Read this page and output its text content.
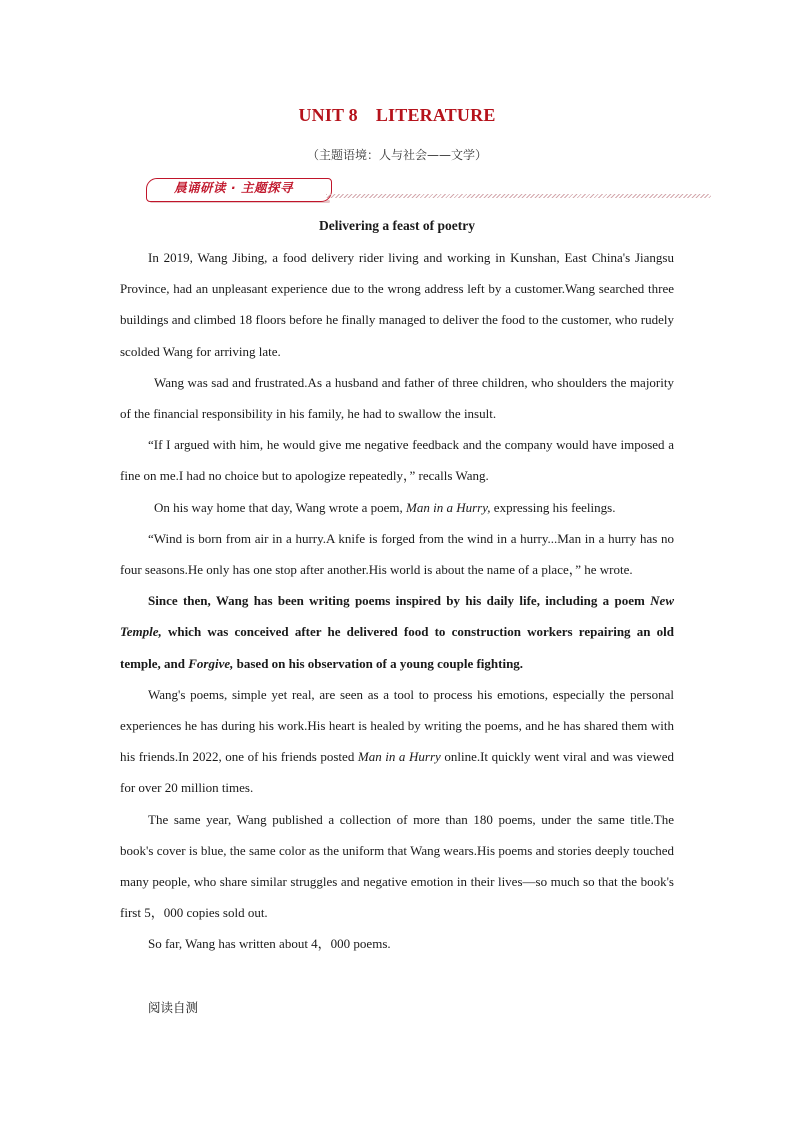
UNIT 8 LITERATURE
（主题语境：人与社会——文学）
晨诵研读 · 主题探寻
Delivering a feast of poetry

In 2019, Wang Jibing, a food delivery rider living and working in Kunshan, East China's Jiangsu Province, had an unpleasant experience due to the wrong address left by a customer.Wang searched three buildings and climbed 18 floors before he finally managed to deliver the food to the customer, who rudely scolded Wang for arriving late.

Wang was sad and frustrated.As a husband and father of three children, who shoulders the majority of the financial responsibility in his family, he had to swallow the insult.

“If I argued with him, he would give me negative feedback and the company would have imposed a fine on me.I had no choice but to apologize repeatedly，” recalls Wang.

On his way home that day, Wang wrote a poem, Man in a Hurry, expressing his feelings.

“Wind is born from air in a hurry.A knife is forged from the wind in a hurry...Man in a hurry has no four seasons.He only has one stop after another.His world is about the name of a place，” he wrote.

Since then, Wang has been writing poems inspired by his daily life, including a poem New Temple, which was conceived after he delivered food to construction workers repairing an old temple, and Forgive, based on his observation of a young couple fighting.

Wang's poems, simple yet real, are seen as a tool to process his emotions, especially the personal experiences he has during his work.His heart is healed by writing the poems, and he has shared them with his friends.In 2022, one of his friends posted Man in a Hurry online.It quickly went viral and was viewed for over 20 million times.

The same year, Wang published a collection of more than 180 poems, under the same title.The book's cover is blue, the same color as the uniform that Wang wears.His poems and stories deeply touched many people, who share similar struggles and negative emotion in their lives—so much so that the book's first 5，000 copies sold out.

So far, Wang has written about 4，000 poems.

阅读自测
